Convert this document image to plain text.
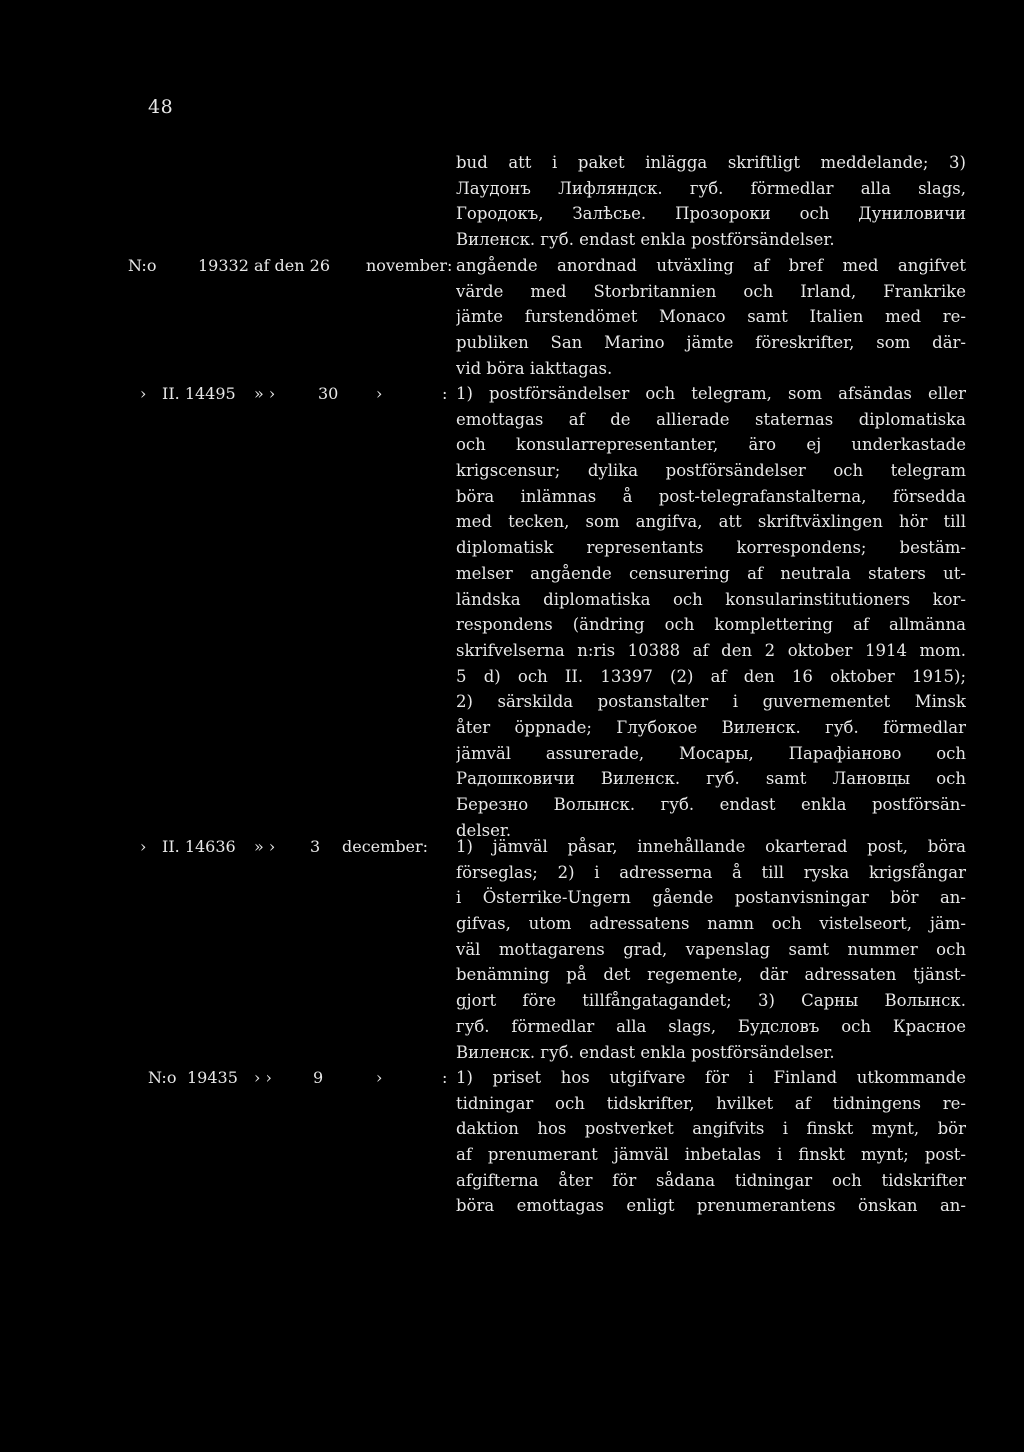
48
bud att i paket inlägga skriftligt meddelande; 3)
Лаудонъ Лифляндск. губ. förmedlar alla slags,
Городокъ, Залѣсье. Прозороки och Дуниловичи
Виленск. губ. endast enkla postförsändelser.
N:o	19332 af den 26 november: angående anordnad utväxling af bref med angifvet
värde med Storbritannien och Irland, Frankrike
jämte furstendömet Monaco samt Italien med re-
publiken San Marino jämte föreskrifter, som där-
vid böra iakttagas.
› II. 14495 » ›	30 ›	: 1) postförsändelser och telegram, som afsändas eller
emottagas af de allierade staternas diplomatiska
och konsularrepresentanter, äro ej underkastade
krigscensur; dylika postförsändelser och telegram
böra inlämnas å post-telegrafanstalterna, försedda
med tecken, som angifva, att skriftväxlingen hör till
diplomatisk representants korrespondens; bestäm-
melser angående censurering af neutrala staters ut-
ländska diplomatiska och konsularinstitutioners kor-
respondens (ändring och komplettering af allmänna
skrifvelserna n:ris 10388 af den 2 oktober 1914 mom.
5 d) och II. 13397 (2) af den 16 oktober 1915);
2) särskilda postanstalter i guvernementet Minsk
åter öppnade; Глубокое Виленск. губ. förmedlar
jämväl assurerade, Мосары, Парафіаново och
Радошковичи Виленск. губ. samt Лановцы och
Березно Волынск. губ. endast enkla postförsän-
delser.
› II. 14636 » › 3 december: 1) jämväl påsar, innehållande okarterad post, böra
förseglas; 2) i adresserna å till ryska krigsfångar
i Österrike-Ungern gående postanvisningar bör an-
gifvas, utom adressatens namn och vistelseort, jäm-
väl mottagarens grad, vapenslag samt nummer och
benämning på det regemente, där adressaten tjänst-
gjort före tillfångatagandet; 3) Сарны Волынск.
губ. förmedlar alla slags, Будсловъ och Красное
Виленск. губ. endast enkla postförsändelser.
N:o 19435 › ›	9	›	: 1) priset hos utgifvare för i Finland utkommande
tidningar och tidskrifter, hvilket af tidningens re-
daktion hos postverket angifvits i finskt mynt, bör
af prenumerant jämväl inbetalas i finskt mynt; post-
afgifterna åter för sådana tidningar och tidskrifter
böra emottagas enligt prenumerantens önskan an-
